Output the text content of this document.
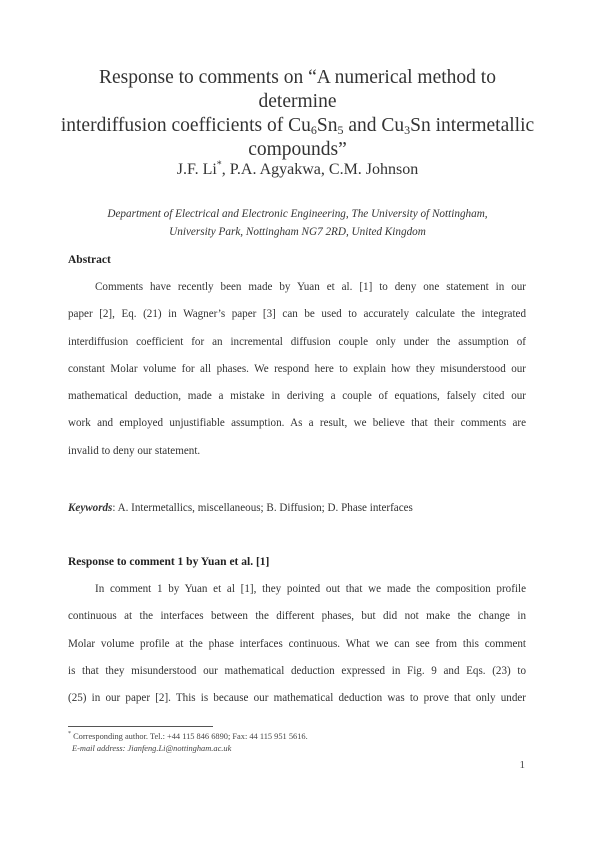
Response to comments on “A numerical method to determine
interdiffusion coefficients of $Cu_6Sn_5$ and $Cu_3Sn$ intermetallic
compounds”
J.F. Li*, P.A. Agyakwa, C.M. Johnson
Department of Electrical and Electronic Engineering, The University of Nottingham,
University Park, Nottingham NG7 2RD, United Kingdom
Abstract
Comments have recently been made by Yuan et al. [1] to deny one statement in our
paper [2], Eq. (21) in Wagner’s paper [3] can be used to accurately calculate the integrated
interdiffusion coefficient for an incremental diffusion couple only under the assumption of
constant Molar volume for all phases. We respond here to explain how they misunderstood our
mathematical deduction, made a mistake in deriving a couple of equations, falsely cited our
work and employed unjustifiable assumption. As a result, we believe that their comments are
invalid to deny our statement.
Keywords: A. Intermetallics, miscellaneous; B. Diffusion; D. Phase interfaces
Response to comment 1 by Yuan et al. [1]
In comment 1 by Yuan et al [1], they pointed out that we made the composition profile
continuous at the interfaces between the different phases, but did not make the change in
Molar volume profile at the phase interfaces continuous. What we can see from this comment
is that they misunderstood our mathematical deduction expressed in Fig. 9 and Eqs. (23) to
(25) in our paper [2]. This is because our mathematical deduction was to prove that only under
* Corresponding author. Tel.: +44 115 846 6890; Fax: 44 115 951 5616.
E-mail address: Jianfeng.Li@nottingham.ac.uk
1
